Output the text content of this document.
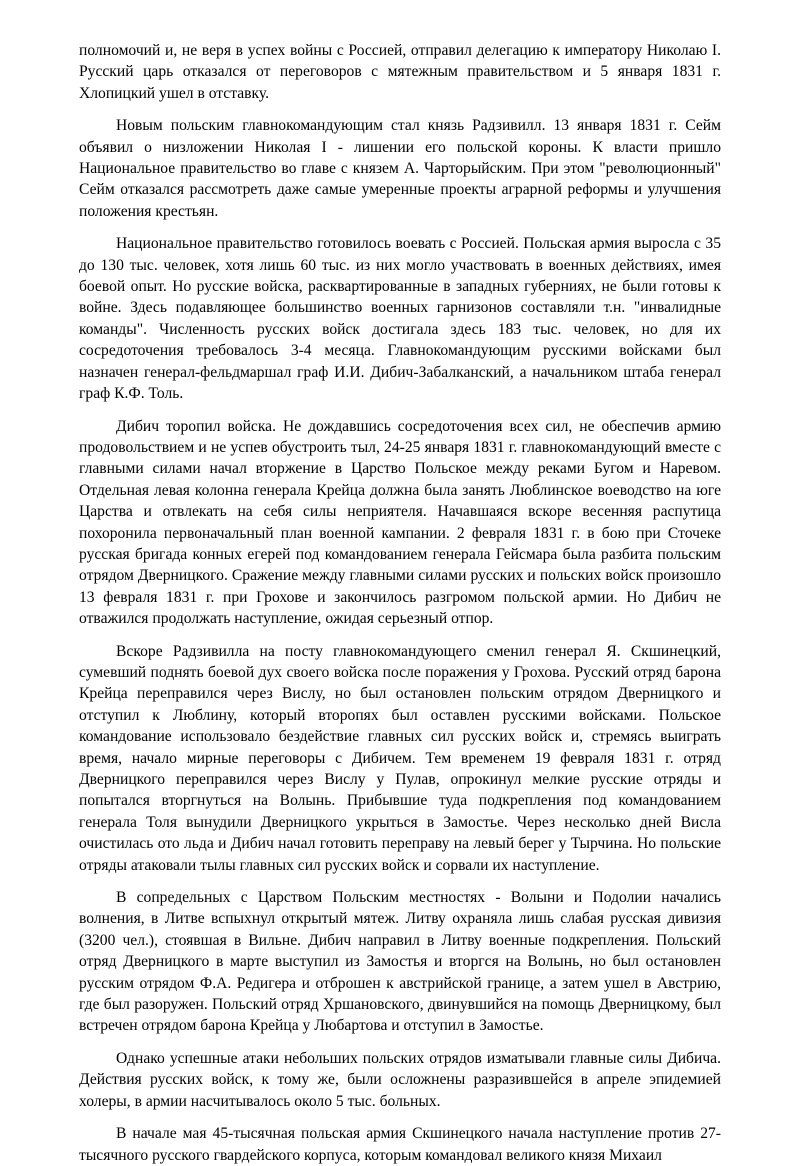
полномочий и, не веря в успех войны с Россией, отправил делегацию к императору Николаю I. Русский царь отказался от переговоров с мятежным правительством и 5 января 1831 г. Хлопицкий ушел в отставку.

Новым польским главнокомандующим стал князь Радзивилл. 13 января 1831 г. Сейм объявил о низложении Николая I - лишении его польской короны. К власти пришло Национальное правительство во главе с князем А. Чарторыйским. При этом "революционный" Сейм отказался рассмотреть даже самые умеренные проекты аграрной реформы и улучшения положения крестьян.

Национальное правительство готовилось воевать с Россией. Польская армия выросла с 35 до 130 тыс. человек, хотя лишь 60 тыс. из них могло участвовать в военных действиях, имея боевой опыт. Но русские войска, расквартированные в западных губерниях, не были готовы к войне. Здесь подавляющее большинство военных гарнизонов составляли т.н. "инвалидные команды". Численность русских войск достигала здесь 183 тыс. человек, но для их сосредоточения требовалось 3-4 месяца. Главнокомандующим русскими войсками был назначен генерал-фельдмаршал граф И.И. Дибич-Забалканский, а начальником штаба генерал граф К.Ф. Толь.

Дибич торопил войска. Не дождавшись сосредоточения всех сил, не обеспечив армию продовольствием и не успев обустроить тыл, 24-25 января 1831 г. главнокомандующий вместе с главными силами начал вторжение в Царство Польское между реками Бугом и Наревом. Отдельная левая колонна генерала Крейца должна была занять Люблинское воеводство на юге Царства и отвлекать на себя силы неприятеля. Начавшаяся вскоре весенняя распутица похоронила первоначальный план военной кампании. 2 февраля 1831 г. в бою при Сточеке русская бригада конных егерей под командованием генерала Гейсмара была разбита польским отрядом Дверницкого. Сражение между главными силами русских и польских войск произошло 13 февраля 1831 г. при Грохове и закончилось разгромом польской армии. Но Дибич не отважился продолжать наступление, ожидая серьезный отпор.

Вскоре Радзивилла на посту главнокомандующего сменил генерал Я. Скшинецкий, сумевший поднять боевой дух своего войска после поражения у Грохова. Русский отряд барона Крейца переправился через Вислу, но был остановлен польским отрядом Дверницкого и отступил к Люблину, который второпях был оставлен русскими войсками. Польское командование использовало бездействие главных сил русских войск и, стремясь выиграть время, начало мирные переговоры с Дибичем. Тем временем 19 февраля 1831 г. отряд Дверницкого переправился через Вислу у Пулав, опрокинул мелкие русские отряды и попытался вторгнуться на Волынь. Прибывшие туда подкрепления под командованием генерала Толя вынудили Дверницкого укрыться в Замостье. Через несколько дней Висла очистилась ото льда и Дибич начал готовить переправу на левый берег у Тырчина. Но польские отряды атаковали тылы главных сил русских войск и сорвали их наступление.

В сопредельных с Царством Польским местностях - Волыни и Подолии начались волнения, в Литве вспыхнул открытый мятеж. Литву охраняла лишь слабая русская дивизия (3200 чел.), стоявшая в Вильне. Дибич направил в Литву военные подкрепления. Польский отряд Дверницкого в марте выступил из Замостья и вторгся на Волынь, но был остановлен русским отрядом Ф.А. Редигера и отброшен к австрийской границе, а затем ушел в Австрию, где был разоружен. Польский отряд Хршановского, двинувшийся на помощь Дверницкому, был встречен отрядом барона Крейца у Любартова и отступил в Замостье.

Однако успешные атаки небольших польских отрядов изматывали главные силы Дибича. Действия русских войск, к тому же, были осложнены разразившейся в апреле эпидемией холеры, в армии насчитывалось около 5 тыс. больных.

В начале мая 45-тысячная польская армия Скшинецкого начала наступление против 27-тысячного русского гвардейского корпуса, которым командовал великого князя Михаил
